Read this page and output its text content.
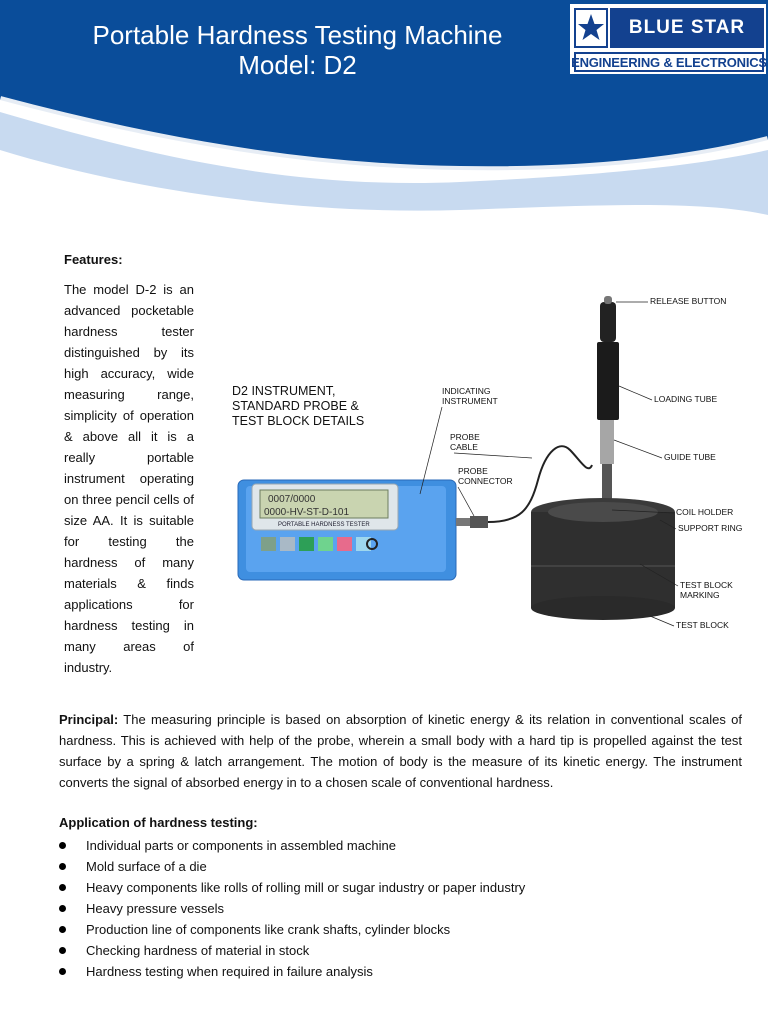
Portable Hardness Testing Machine
Model: D2
BLUE STAR
ENGINEERING & ELECTRONICS
Features:
The model D-2 is an advanced pocketable hardness tester distinguished by its high accuracy, wide measuring range, simplicity of operation & above all it is a really portable instrument operating on three pencil cells of size AA. It is suitable for testing the hardness of many materials & finds applications for hardness testing in many areas of industry.
D2 INSTRUMENT,
STANDARD PROBE &
TEST BLOCK DETAILS
0007/0000
0000-HV-ST-D-101
PORTABLE HARDNESS TESTER
INDICATING
INSTRUMENT
PROBE
CABLE
PROBE
CONNECTOR
RELEASE BUTTON
LOADING TUBE
GUIDE TUBE
COIL HOLDER
SUPPORT RING
TEST BLOCK
MARKING
TEST BLOCK
Principal: The measuring principle is based on absorption of kinetic energy & its relation in conventional scales of hardness. This is achieved with help of the probe, wherein a small body with a hard tip is propelled against the test surface by a spring & latch arrangement. The motion of body is the measure of its kinetic energy. The instrument converts the signal of absorbed energy in to a chosen scale of conventional hardness.
Application of hardness testing:
Individual parts or components in assembled machine
Mold surface of a die
Heavy components like rolls of rolling mill or sugar industry or paper industry
Heavy pressure vessels
Production line of components like crank shafts, cylinder blocks
Checking hardness of material in stock
Hardness testing when required in failure analysis
